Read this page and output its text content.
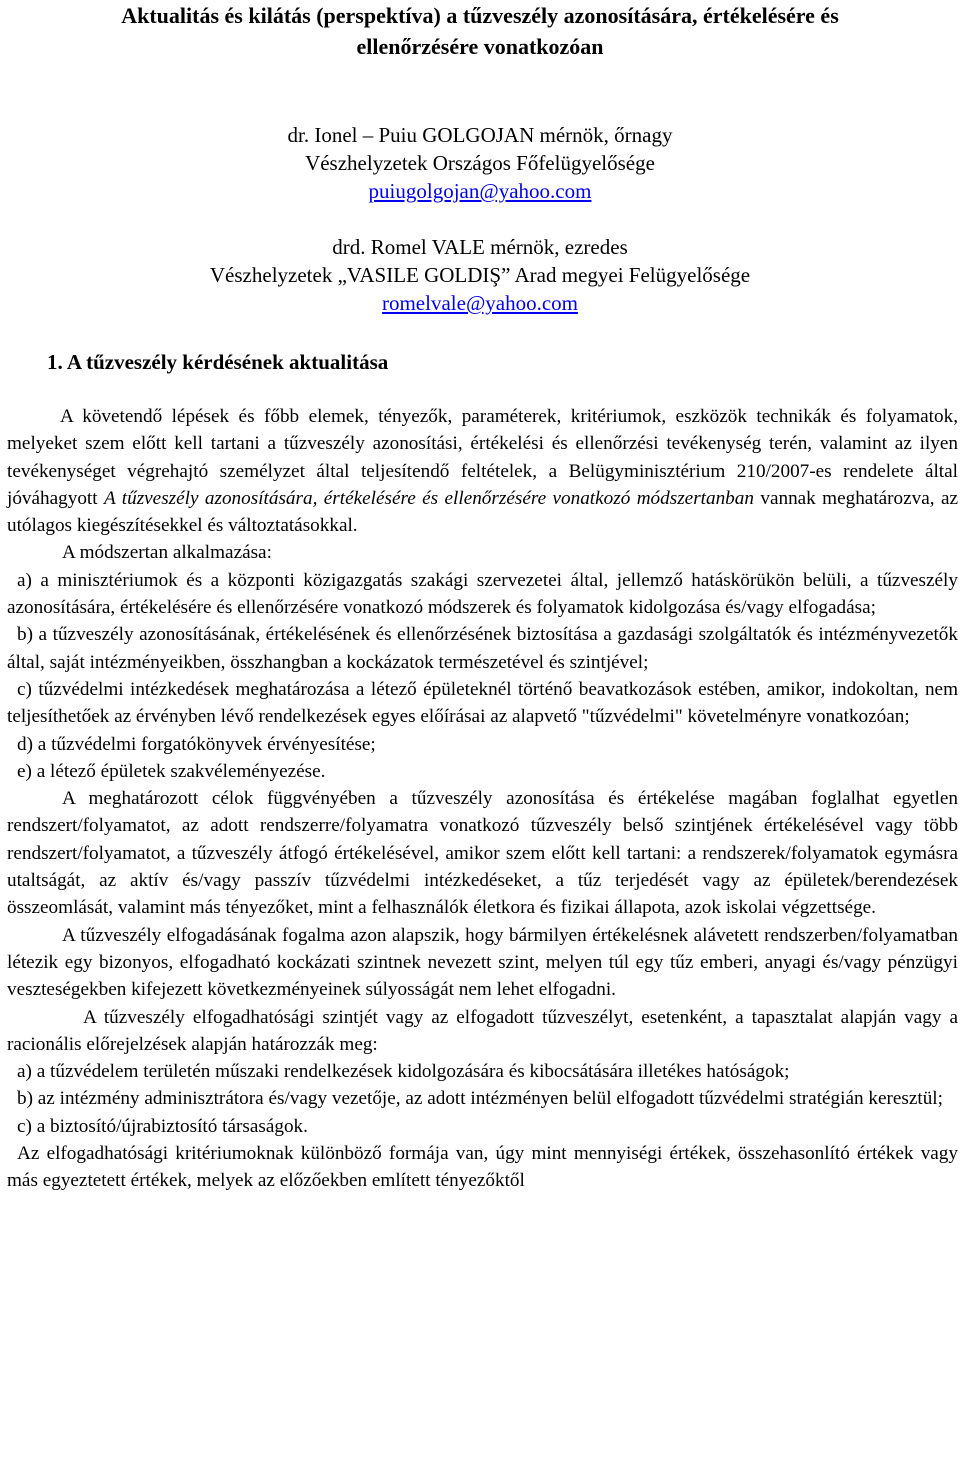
Aktualitás és kilátás (perspektíva) a tűzveszély azonosítására, értékelésére és
ellenőrzésére vonatkozóan
dr. Ionel – Puiu GOLGOJAN mérnök, őrnagy
Vészhelyzetek Országos Főfelügyelősége
puiugolgojan@yahoo.com
drd. Romel VALE mérnök, ezredes
Vészhelyzetek „VASILE GOLDIŞ” Arad megyei Felügyelősége
romelvale@yahoo.com
1. A tűzveszély kérdésének aktualitása

A követendő lépések és főbb elemek, tényezők, paraméterek, kritériumok, eszközök technikák és folyamatok, melyeket szem előtt kell tartani a tűzveszély azonosítási, értékelési és ellenőrzési tevékenység terén, valamint az ilyen tevékenységet végrehajtó személyzet által teljesítendő feltételek, a Belügyminisztérium 210/2007-es rendelete által jóváhagyott A tűzveszély azonosítására, értékelésére és ellenőrzésére vonatkozó módszertanban vannak meghatározva, az utólagos kiegészítésekkel és változtatásokkal.

A módszertan alkalmazása:

a) a minisztériumok és a központi közigazgatás szakági szervezetei által, jellemző hatáskörükön belüli, a tűzveszély azonosítására, értékelésére és ellenőrzésére vonatkozó módszerek és folyamatok kidolgozása és/vagy elfogadása;

b) a tűzveszély azonosításának, értékelésének és ellenőrzésének biztosítása a gazdasági szolgáltatók és intézményvezetők által, saját intézményeikben, összhangban a kockázatok természetével és szintjével;

c) tűzvédelmi intézkedések meghatározása a létező épületeknél történő beavatkozások estében, amikor, indokoltan, nem teljesíthetőek az érvényben lévő rendelkezések egyes előírásai az alapvető "tűzvédelmi" követelményre vonatkozóan;

d) a tűzvédelmi forgatókönyvek érvényesítése;

e) a létező épületek szakvéleményezése.

A meghatározott célok függvényében a tűzveszély azonosítása és értékelése magában foglalhat egyetlen rendszert/folyamatot, az adott rendszerre/folyamatra vonatkozó tűzveszély belső szintjének értékelésével vagy több rendszert/folyamatot, a tűzveszély átfogó értékelésével, amikor szem előtt kell tartani: a rendszerek/folyamatok egymásra utaltságát, az aktív és/vagy passzív tűzvédelmi intézkedéseket, a tűz terjedését vagy az épületek/berendezések összeomlását, valamint más tényezőket, mint a felhasználók életkora és fizikai állapota, azok iskolai végzettsége.

A tűzveszély elfogadásának fogalma azon alapszik, hogy bármilyen értékelésnek alávetett rendszerben/folyamatban létezik egy bizonyos, elfogadható kockázati szintnek nevezett szint, melyen túl egy tűz emberi, anyagi és/vagy pénzügyi veszteségekben kifejezett következményeinek súlyosságát nem lehet elfogadni.

A tűzveszély elfogadhatósági szintjét vagy az elfogadott tűzveszélyt, esetenként, a tapasztalat alapján vagy a racionális előrejelzések alapján határozzák meg:

a) a tűzvédelem területén műszaki rendelkezések kidolgozására és kibocsátására illetékes hatóságok;

b) az intézmény adminisztrátora és/vagy vezetője, az adott intézményen belül elfogadott tűzvédelmi stratégián keresztül;

c) a biztosító/újrabiztosító társaságok.

Az elfogadhatósági kritériumoknak különböző formája van, úgy mint mennyiségi értékek, összehasonlító értékek vagy más egyeztetett értékek, melyek az előzőekben említett tényezőktől
